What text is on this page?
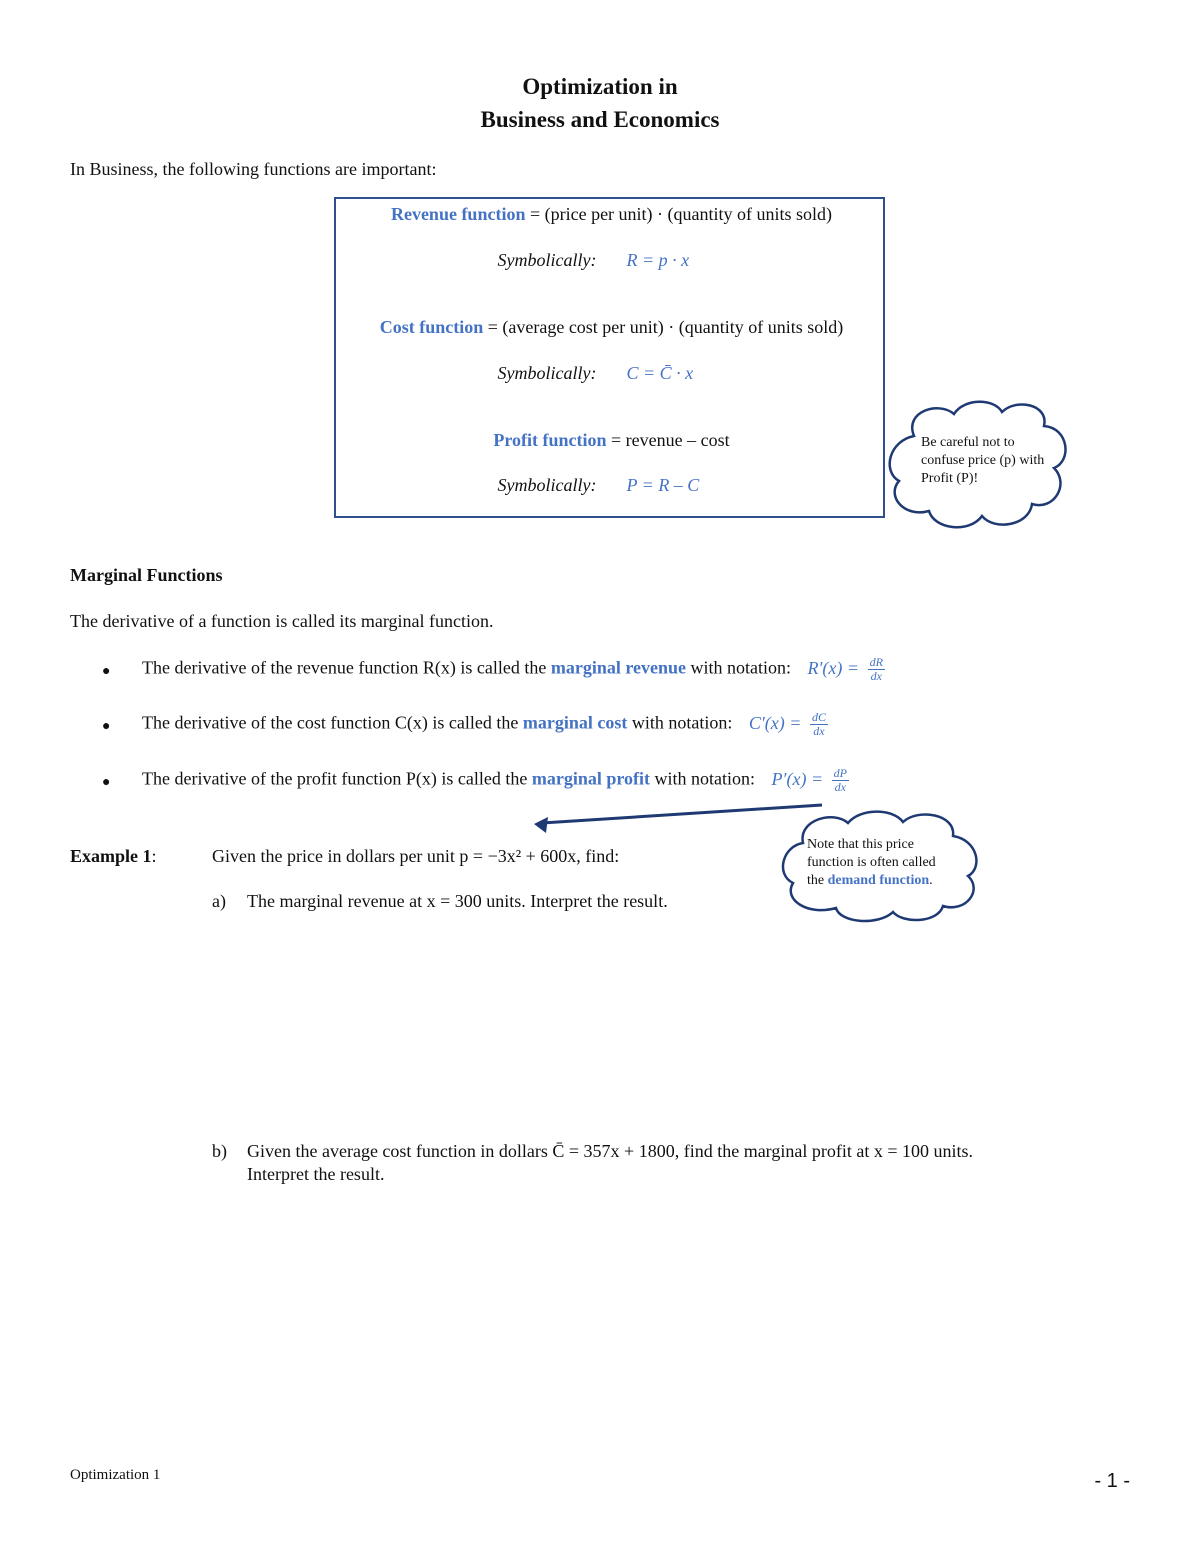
Optimization in
Business and Economics
In Business, the following functions are important:
Revenue function = (price per unit) · (quantity of units sold)
Symbolically: R = p · x
Cost function = (average cost per unit) · (quantity of units sold)
Symbolically: C = C̄ · x
Profit function = revenue – cost
Symbolically: P = R – C
Be careful not to
confuse price (p) with
Profit (P)!
Marginal Functions
The derivative of a function is called its marginal function.
● The derivative of the revenue function R(x) is called the marginal revenue with notation: $R'(x) = \frac{dR}{dx}$
● The derivative of the cost function C(x) is called the marginal cost with notation: $C'(x) = \frac{dC}{dx}$
● The derivative of the profit function P(x) is called the marginal profit with notation: $P'(x) = \frac{dP}{dx}$
Example 1:	Given the price in dollars per unit p = −3x² + 600x, find:
a) The marginal revenue at x = 300 units. Interpret the result.
Note that this price
function is often called
the demand function.
b) Given the average cost function in dollars C̄ = 357x + 1800, find the marginal profit at x = 100 units.
Interpret the result.
Optimization 1	- 1 -
